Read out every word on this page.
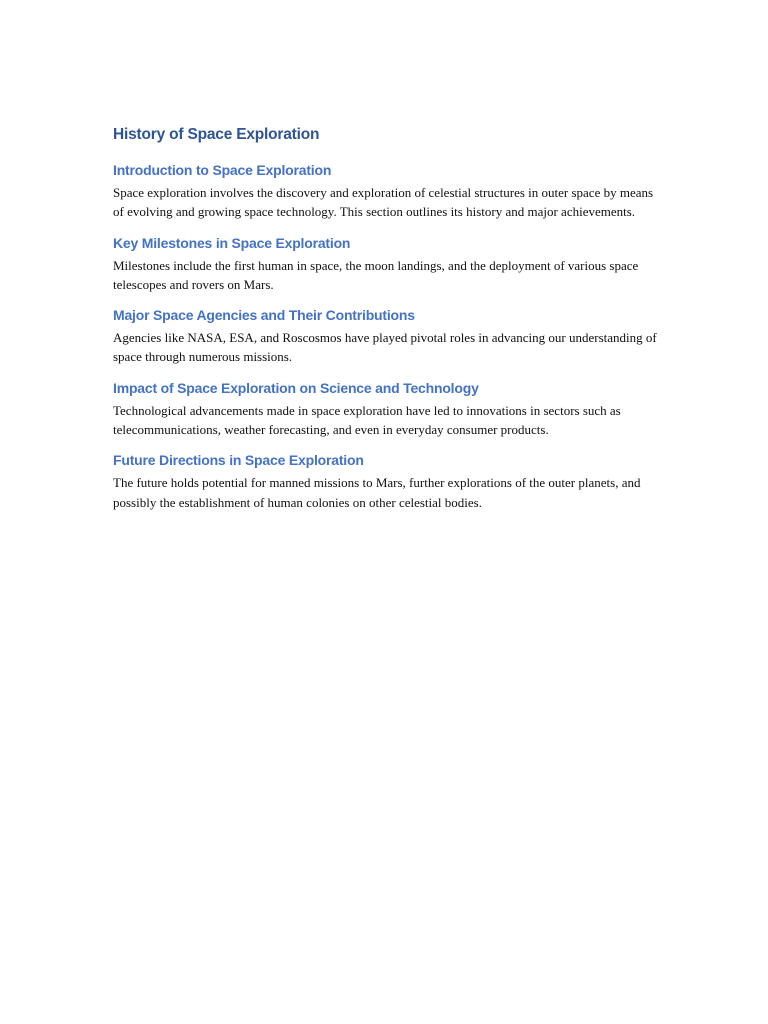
History of Space Exploration
Introduction to Space Exploration

Space exploration involves the discovery and exploration of celestial structures in outer space by means of evolving and growing space technology. This section outlines its history and major achievements.

Key Milestones in Space Exploration

Milestones include the first human in space, the moon landings, and the deployment of various space telescopes and rovers on Mars.

Major Space Agencies and Their Contributions

Agencies like NASA, ESA, and Roscosmos have played pivotal roles in advancing our understanding of space through numerous missions.

Impact of Space Exploration on Science and Technology

Technological advancements made in space exploration have led to innovations in sectors such as telecommunications, weather forecasting, and even in everyday consumer products.

Future Directions in Space Exploration

The future holds potential for manned missions to Mars, further explorations of the outer planets, and possibly the establishment of human colonies on other celestial bodies.
